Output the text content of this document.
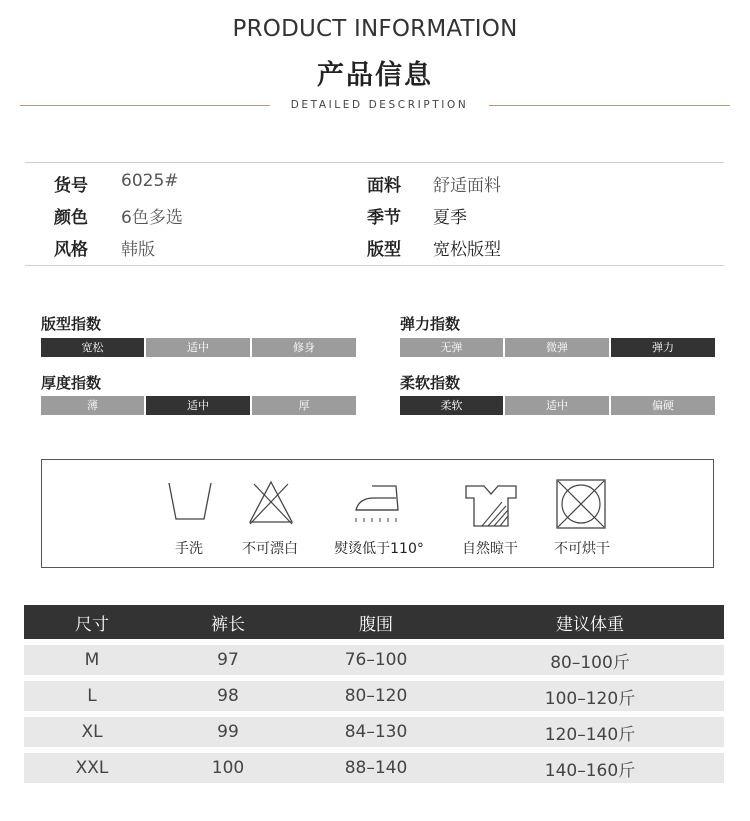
PRODUCT INFORMATION
产品信息
DETAILED DESCRIPTION
货号 6025#	面料 舒适面料
颜色 6色多选	季节 夏季
风格 韩版	版型 宽松版型
版型指数
宽松	适中	修身
弹力指数
无弹	微弹	弹力
厚度指数
薄	适中	厚
柔软指数
柔软	适中	偏硬
手洗	不可漂白	熨烫低于110°	自然晾干	不可烘干
尺寸	裤长	腹围	建议体重
M	97	76–100	80–100斤
L	98	80–120	100–120斤
XL	99	84–130	120–140斤
XXL	100	88–140	140–160斤
